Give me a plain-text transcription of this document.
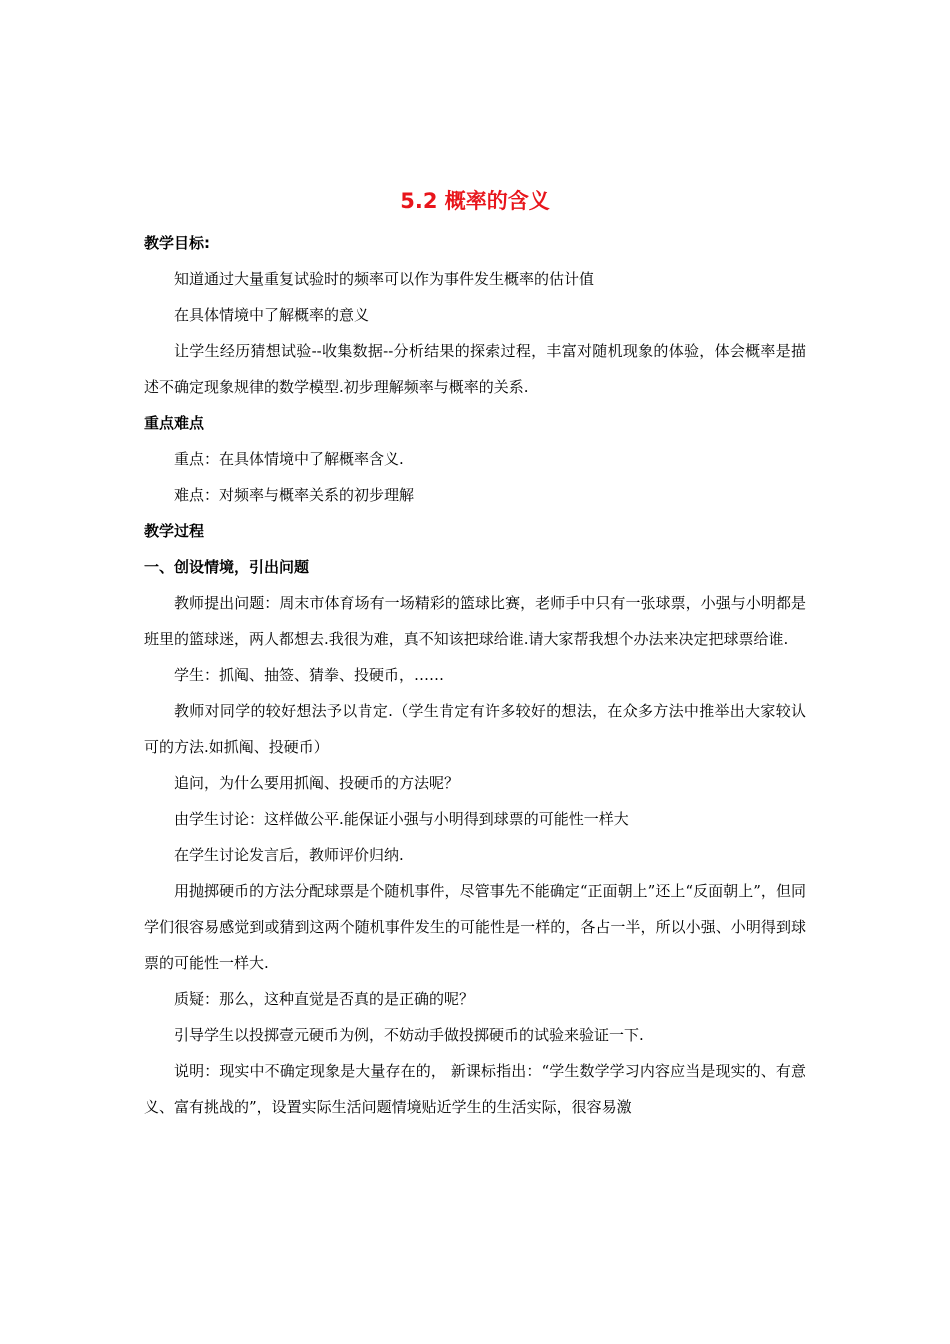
5.2 概率的含义

教学目标:

知道通过大量重复试验时的频率可以作为事件发生概率的估计值

在具体情境中了解概率的意义

让学生经历猜想试验--收集数据--分析结果的探索过程，丰富对随机现象的体验，体会概率是描述不确定现象规律的数学模型.初步理解频率与概率的关系.

重点难点

重点：在具体情境中了解概率含义.

难点：对频率与概率关系的初步理解

教学过程

一、创设情境，引出问题

教师提出问题：周末市体育场有一场精彩的篮球比赛，老师手中只有一张球票，小强与小明都是班里的篮球迷，两人都想去.我很为难，真不知该把球给谁.请大家帮我想个办法来决定把球票给谁.

学生：抓阄、抽签、猜拳、投硬币，……

教师对同学的较好想法予以肯定.（学生肯定有许多较好的想法，在众多方法中推举出大家较认可的方法.如抓阄、投硬币）

追问，为什么要用抓阄、投硬币的方法呢？

由学生讨论：这样做公平.能保证小强与小明得到球票的可能性一样大

在学生讨论发言后，教师评价归纳.

用抛掷硬币的方法分配球票是个随机事件，尽管事先不能确定“正面朝上”还上“反面朝上”，但同学们很容易感觉到或猜到这两个随机事件发生的可能性是一样的，各占一半，所以小强、小明得到球票的可能性一样大.

质疑：那么，这种直觉是否真的是正确的呢？

引导学生以投掷壹元硬币为例，不妨动手做投掷硬币的试验来验证一下.

说明：现实中不确定现象是大量存在的， 新课标指出：“学生数学学习内容应当是现实的、有意义、富有挑战的”，设置实际生活问题情境贴近学生的生活实际，很容易激
